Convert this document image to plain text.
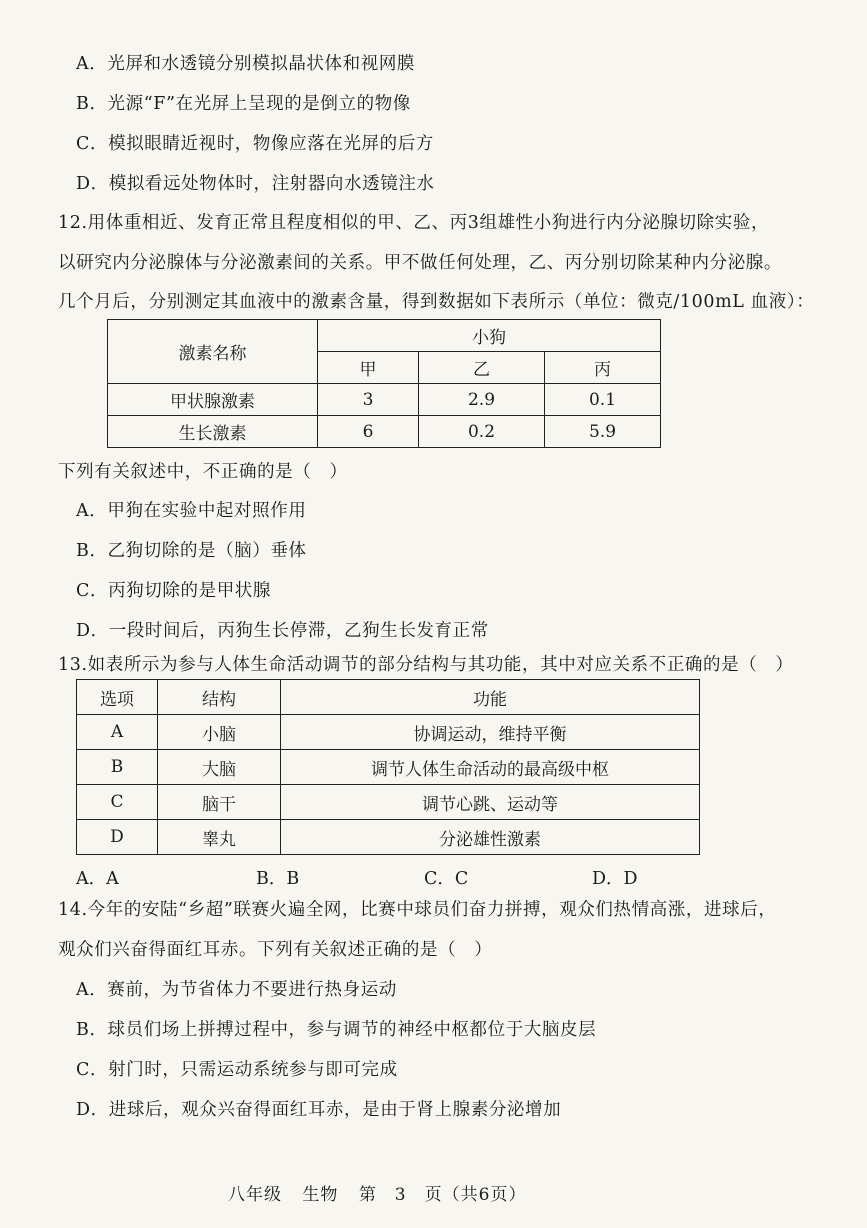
A．光屏和水透镜分别模拟晶状体和视网膜
B．光源“F”在光屏上呈现的是倒立的物像
C．模拟眼睛近视时，物像应落在光屏的后方
D．模拟看远处物体时，注射器向水透镜注水
12.用体重相近、发育正常且程度相似的甲、乙、丙3组雄性小狗进行内分泌腺切除实验，
以研究内分泌腺体与分泌激素间的关系。甲不做任何处理，乙、丙分别切除某种内分泌腺。
几个月后，分别测定其血液中的激素含量，得到数据如下表所示（单位：微克/100mL 血液）：
激素名称	小狗		
	甲	乙	丙
甲状腺激素	3	2.9	0.1
生长激素	6	0.2	5.9
下列有关叙述中，不正确的是（　）
A．甲狗在实验中起对照作用
B．乙狗切除的是（脑）垂体
C．丙狗切除的是甲状腺
D．一段时间后，丙狗生长停滞，乙狗生长发育正常
13.如表所示为参与人体生命活动调节的部分结构与其功能，其中对应关系不正确的是（　）
选项	结构	功能
A	小脑	协调运动，维持平衡
B	大脑	调节人体生命活动的最高级中枢
C	脑干	调节心跳、运动等
D	睾丸	分泌雄性激素
A．A	B．B	C．C	D．D
14.今年的安陆“乡超”联赛火遍全网，比赛中球员们奋力拼搏，观众们热情高涨，进球后，
观众们兴奋得面红耳赤。下列有关叙述正确的是（　）
A．赛前，为节省体力不要进行热身运动
B．球员们场上拼搏过程中，参与调节的神经中枢都位于大脑皮层
C．射门时，只需运动系统参与即可完成
D．进球后，观众兴奋得面红耳赤，是由于肾上腺素分泌增加
八年级 生物 第　3　页（共6页）
